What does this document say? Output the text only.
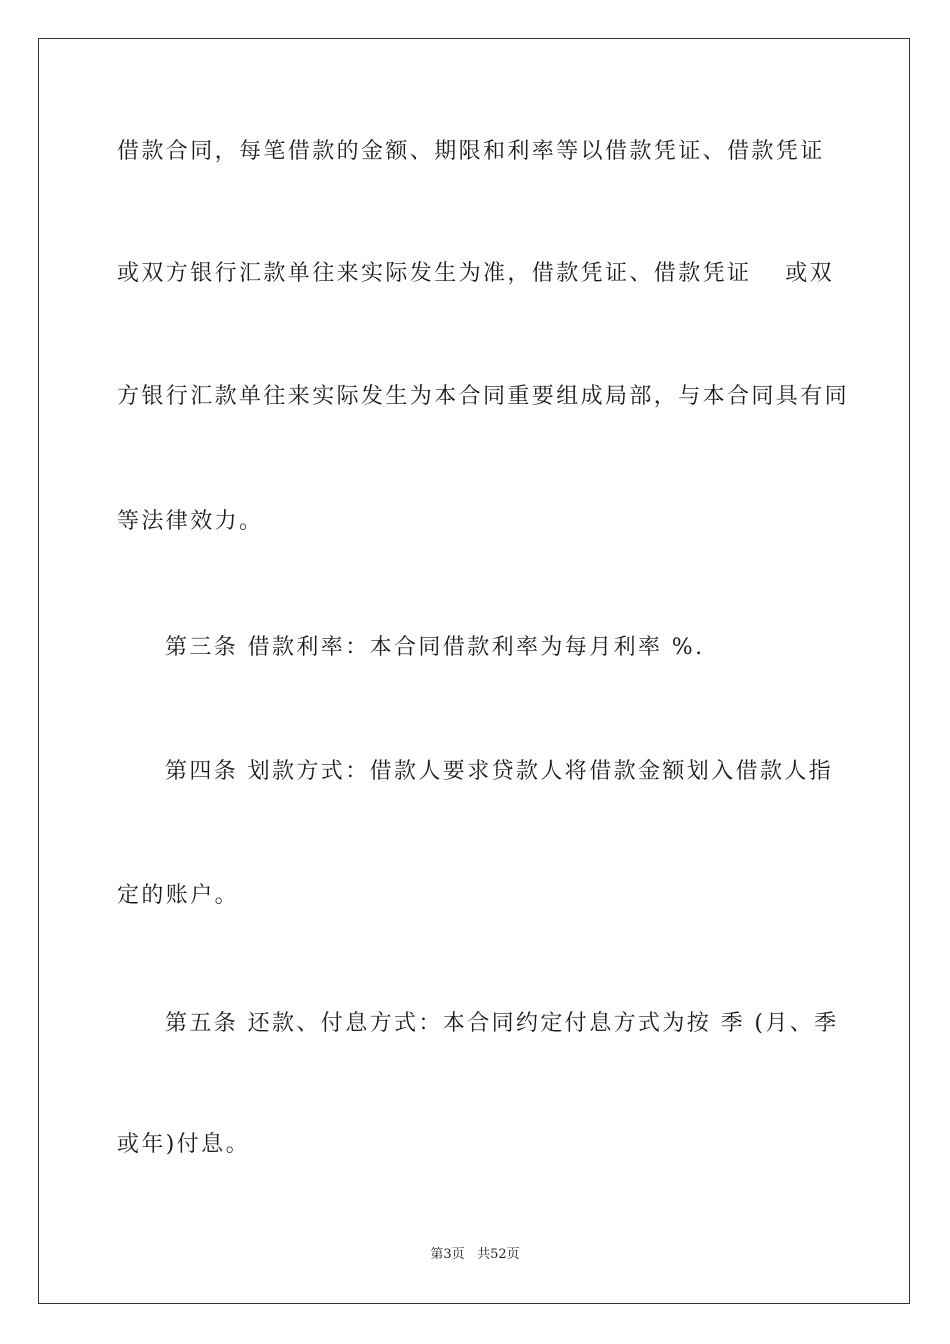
借款合同，每笔借款的金额、期限和利率等以借款凭证、借款凭证
或双方银行汇款单往来实际发生为准，借款凭证、借款凭证　 或双
方银行汇款单往来实际发生为本合同重要组成局部，与本合同具有同
等法律效力。
第三条 借款利率：本合同借款利率为每月利率 %.
第四条 划款方式：借款人要求贷款人将借款金额划入借款人指
定的账户。
第五条 还款、付息方式：本合同约定付息方式为按 季 (月、季
或年)付息。
第3页 共52页
